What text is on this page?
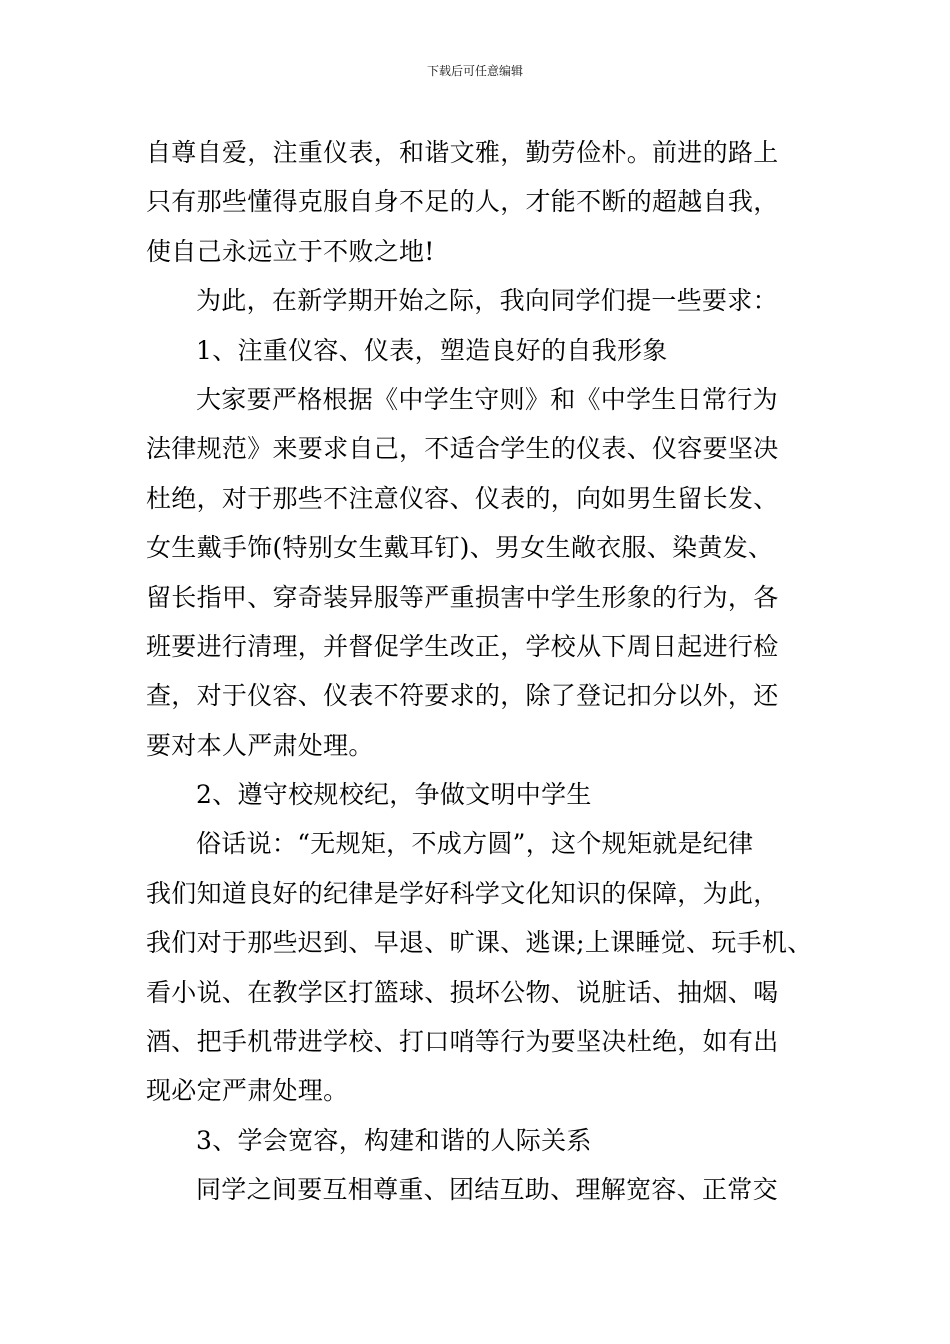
下载后可任意编辑
自尊自爱，注重仪表，和谐文雅，勤劳俭朴。前进的路上
只有那些懂得克服自身不足的人，才能不断的超越自我，
使自己永远立于不败之地!
为此，在新学期开始之际，我向同学们提一些要求：
1、注重仪容、仪表，塑造良好的自我形象
大家要严格根据《中学生守则》和《中学生日常行为
法律规范》来要求自己，不适合学生的仪表、仪容要坚决
杜绝，对于那些不注意仪容、仪表的，向如男生留长发、
女生戴手饰(特别女生戴耳钉)、男女生敞衣服、染黄发、
留长指甲、穿奇装异服等严重损害中学生形象的行为，各
班要进行清理，并督促学生改正，学校从下周日起进行检
查，对于仪容、仪表不符要求的，除了登记扣分以外，还
要对本人严肃处理。
2、遵守校规校纪，争做文明中学生
俗话说：“无规矩，不成方圆”，这个规矩就是纪律
我们知道良好的纪律是学好科学文化知识的保障，为此，
我们对于那些迟到、早退、旷课、逃课;上课睡觉、玩手机、
看小说、在教学区打篮球、损坏公物、说脏话、抽烟、喝
酒、把手机带进学校、打口哨等行为要坚决杜绝，如有出
现必定严肃处理。
3、学会宽容，构建和谐的人际关系
同学之间要互相尊重、团结互助、理解宽容、正常交
